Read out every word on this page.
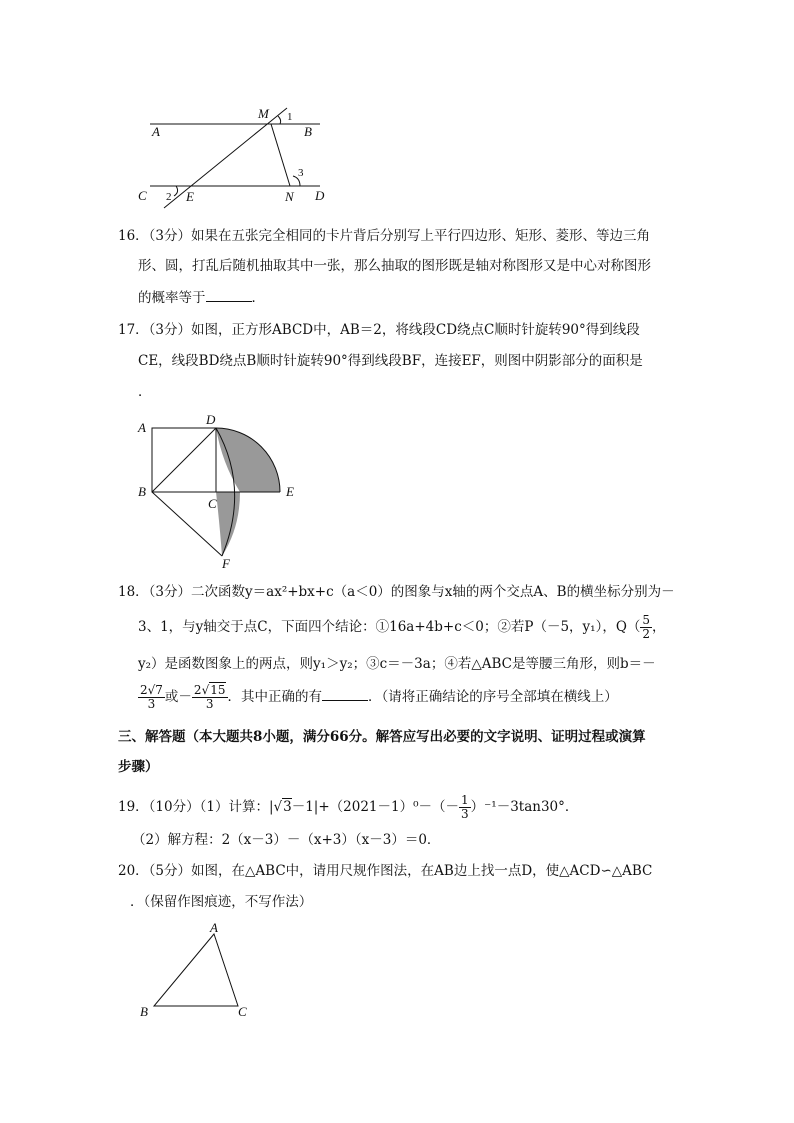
A	B
M 1
C 2 E
3
N D
16．（3分）如果在五张完全相同的卡片背后分别写上平行四边形、矩形、菱形、等边三角
形、圆，打乱后随机抽取其中一张，那么抽取的图形既是轴对称图形又是中心对称图形
的概率等于	．
17．（3分）如图，正方形ABCD中，AB＝2，将线段CD绕点C顺时针旋转90°得到线段
CE，线段BD绕点B顺时针旋转90°得到线段BF，连接EF，则图中阴影部分的面积是
．
A
D
B
C
E
F
18．（3分）二次函数y＝ax²+bx+c（a＜0）的图象与x轴的两个交点A、B的横坐标分别为－
3、1，与y轴交于点C，下面四个结论：①16a+4b+c＜0；②若P（－5，y₁），$Q( \frac{5}{2}$ ，
y₂）是函数图象上的两点，则y₁＞y₂；③c＝－3a；④若△ABC是等腰三角形，则b＝－
$\frac{2√7}{3}$ 或－ $\frac{2√15}{3}$ ．其中正确的有	．（请将正确结论的序号全部填在横线上）
三、解答题（本大题共8小题，满分66分。解答应写出必要的文字说明、证明过程或演算
步骤）
19．（10分）（1）计算：$|√3-1|+(2021-1)^0-(- \frac{1}{3} )^{-1}-3\tan 30^\circ$．
（2）解方程：2（x－3）－（x+3）（x－3）＝0．
20．（5分）如图，在△ABC中，请用尺规作图法，在AB边上找一点D，使△ACD∽△ABC
．（保留作图痕迹，不写作法）
A
B	C
